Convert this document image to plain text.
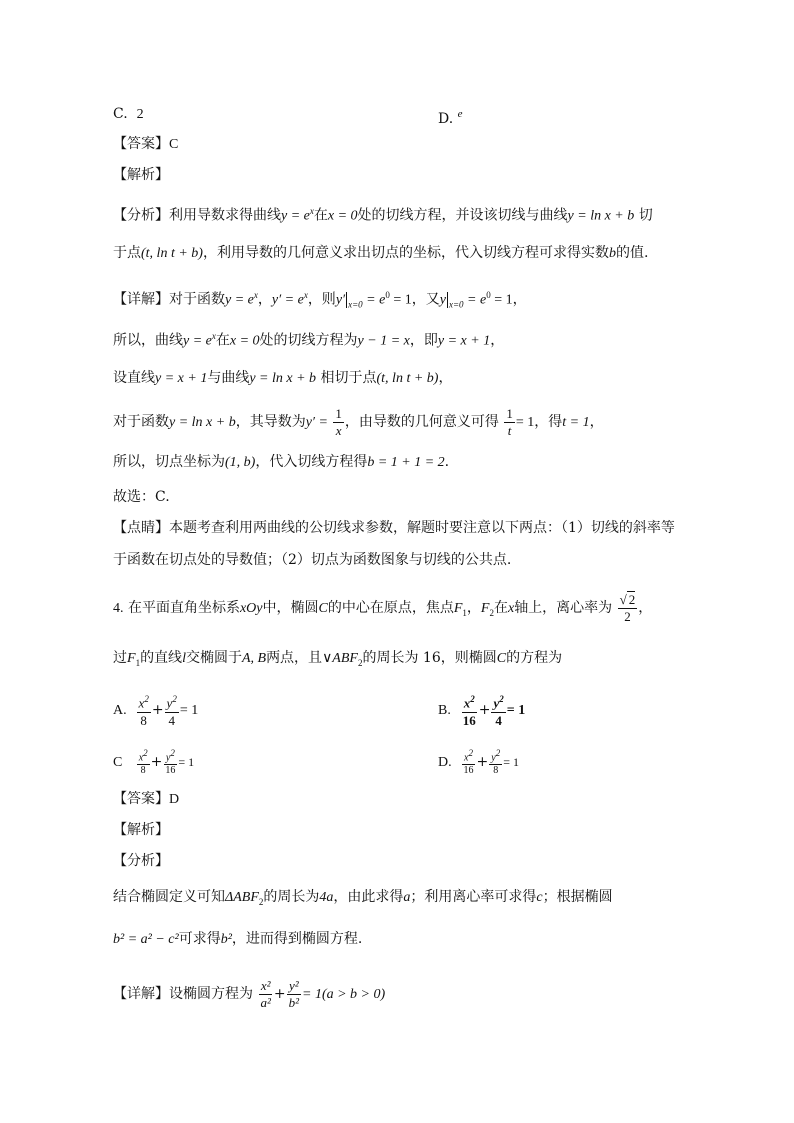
C. 2	D. $^e$
【答案】C
【解析】
【分析】利用导数求得曲线$y = e^x$在x = 0处的切线方程，并设该切线与曲线y = ln x + b 切
于点(t, ln t + b)，利用导数的几何意义求出切点的坐标，代入切线方程可求得实数b的值.
【详解】对于函数$y = e^x$，$y' = e^x$，则y′ $_{x=0} = e^0 = 1$，又y $_{x=0} = e^0 = 1$，
所以，曲线$y = e^x$在x = 0处的切线方程为y − 1 = x，即y = x + 1，
设直线y = x + 1与曲线y = ln x + b 相切于点(t, ln t + b)，
对于函数y = ln x + b，其导数为$y' = \frac{1}{x}$ ，由导数的几何意义可得 $\frac{1}{t} = 1$，得t = 1，
所以，切点坐标为(1, b)，代入切线方程得b = 1 + 1 = 2.
故选：C.
【点睛】本题考查利用两曲线的公切线求参数，解题时要注意以下两点：（1）切线的斜率等
于函数在切点处的导数值；（2）切点为函数图象与切线的公共点.
4. 在平面直角坐标系xOy中，椭圆C的中心在原点，焦点$F_1$，$F_2$在x轴上，离心率为 $\frac{√ 2}{2}$ ，
过$F_1$的直线l交椭圆于A, B两点，且$\vee ABF_2$的周长为 16，则椭圆C的方程为
A. $\frac{x^2}{8} + \frac{y^2}{4} = 1$	B. $\frac{x^2}{16} + \frac{y^2}{4} = 1$
C $\frac{x^2}{8} + \frac{y^2}{16} = 1$	D. $\frac{x^2}{16} + \frac{y^2}{8} = 1$
【答案】D
【解析】
【分析】
结合椭圆定义可知$\Delta ABF_2$的周长为4a，由此求得a；利用离心率可求得c；根据椭圆
b² = a² − c²可求得b²，进而得到椭圆方程.
【详解】设椭圆方程为 $\frac{\text{x²}}{\text{a²}} + \frac{\text{y²}}{\text{b²}} = 1(a > b > 0)$
